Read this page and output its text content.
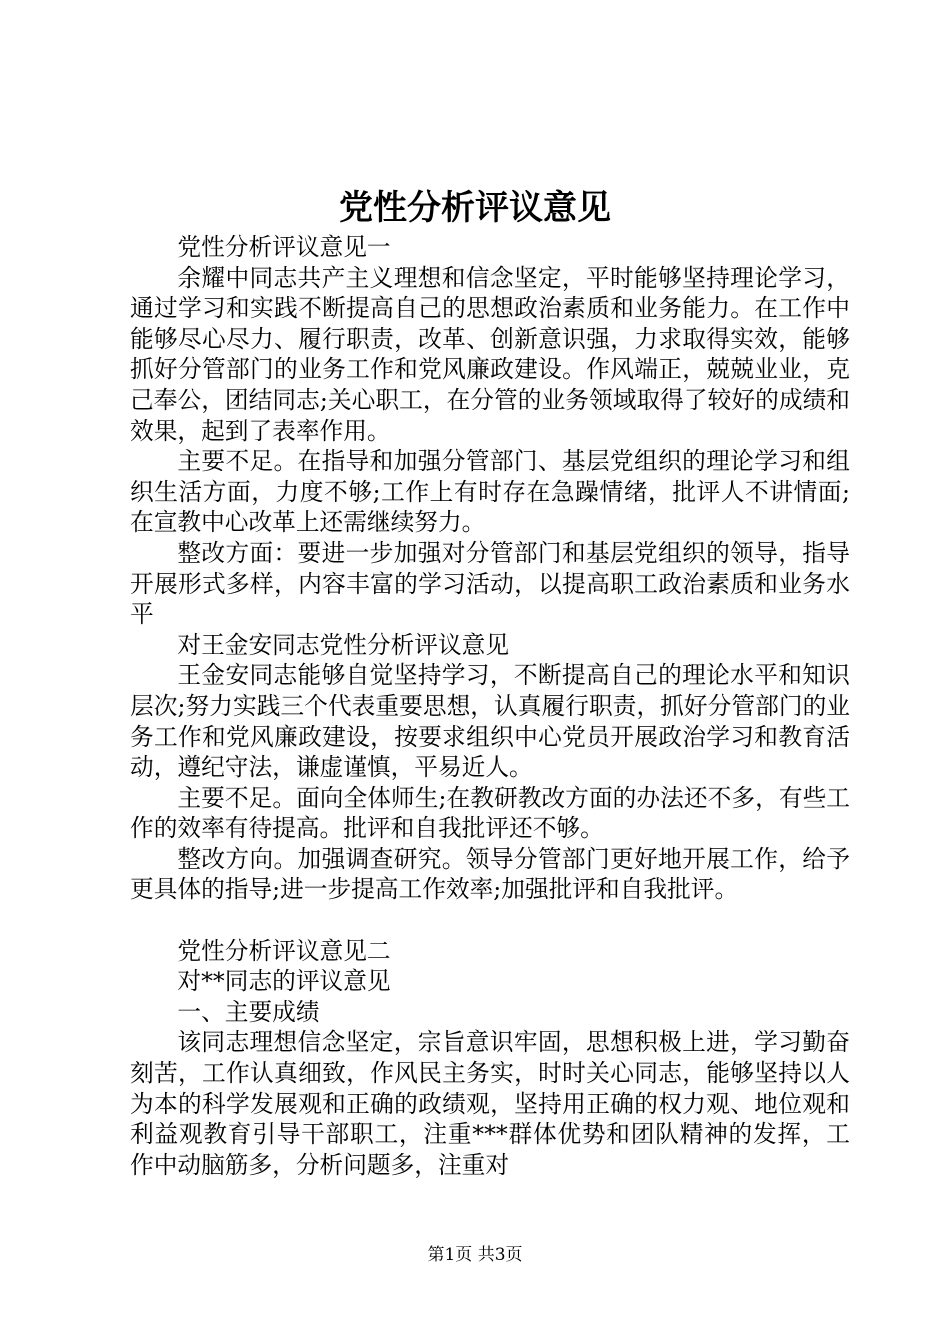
党性分析评议意见

党性分析评议意见一

余耀中同志共产主义理想和信念坚定，平时能够坚持理论学习，通过学习和实践不断提高自己的思想政治素质和业务能力。在工作中能够尽心尽力、履行职责，改革、创新意识强，力求取得实效，能够抓好分管部门的业务工作和党风廉政建设。作风端正，兢兢业业，克己奉公，团结同志;关心职工，在分管的业务领域取得了较好的成绩和效果，起到了表率作用。

主要不足。在指导和加强分管部门、基层党组织的理论学习和组织生活方面，力度不够;工作上有时存在急躁情绪，批评人不讲情面;在宣教中心改革上还需继续努力。

整改方面：要进一步加强对分管部门和基层党组织的领导，指导开展形式多样，内容丰富的学习活动，以提高职工政治素质和业务水平

对王金安同志党性分析评议意见

王金安同志能够自觉坚持学习，不断提高自己的理论水平和知识层次;努力实践三个代表重要思想，认真履行职责，抓好分管部门的业务工作和党风廉政建设，按要求组织中心党员开展政治学习和教育活动，遵纪守法，谦虚谨慎，平易近人。

主要不足。面向全体师生;在教研教改方面的办法还不多，有些工作的效率有待提高。批评和自我批评还不够。

整改方向。加强调查研究。领导分管部门更好地开展工作，给予更具体的指导;进一步提高工作效率;加强批评和自我批评。

党性分析评议意见二

对**同志的评议意见

一、主要成绩

该同志理想信念坚定，宗旨意识牢固，思想积极上进，学习勤奋刻苦，工作认真细致，作风民主务实，时时关心同志，能够坚持以人为本的科学发展观和正确的政绩观，坚持用正确的权力观、地位观和利益观教育引导干部职工，注重***群体优势和团队精神的发挥，工作中动脑筋多，分析问题多，注重对

第1页 共3页
